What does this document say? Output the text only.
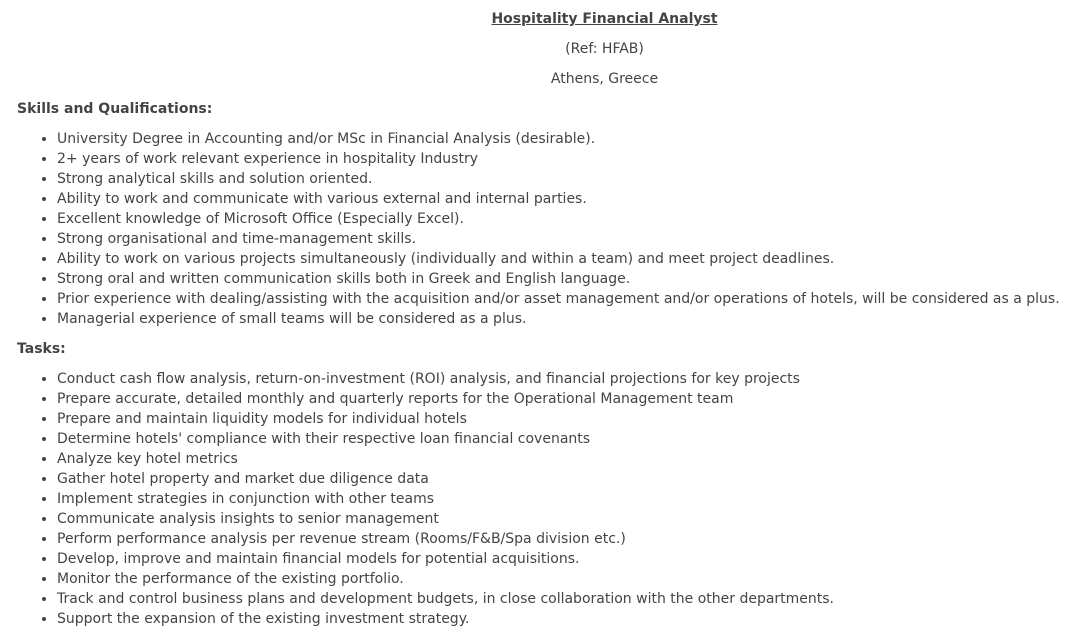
Hospitality Financial Analyst
(Ref: HFAB)
Athens, Greece
Skills and Qualifications:
• University Degree in Accounting and/or MSc in Financial Analysis (desirable).
• 2+ years of work relevant experience in hospitality Industry
• Strong analytical skills and solution oriented.
• Ability to work and communicate with various external and internal parties.
• Excellent knowledge of Microsoft Office (Especially Excel).
• Strong organisational and time-management skills.
• Ability to work on various projects simultaneously (individually and within a team) and meet project deadlines.
• Strong oral and written communication skills both in Greek and English language.
• Prior experience with dealing/assisting with the acquisition and/or asset management and/or operations of hotels, will be considered as a plus.
• Managerial experience of small teams will be considered as a plus.
Tasks:
• Conduct cash flow analysis, return-on-investment (ROI) analysis, and financial projections for key projects
• Prepare accurate, detailed monthly and quarterly reports for the Operational Management team
• Prepare and maintain liquidity models for individual hotels
• Determine hotels' compliance with their respective loan financial covenants
• Analyze key hotel metrics
• Gather hotel property and market due diligence data
• Implement strategies in conjunction with other teams
• Communicate analysis insights to senior management
• Perform performance analysis per revenue stream (Rooms/F&B/Spa division etc.)
• Develop, improve and maintain financial models for potential acquisitions.
• Monitor the performance of the existing portfolio.
• Track and control business plans and development budgets, in close collaboration with the other departments.
• Support the expansion of the existing investment strategy.
